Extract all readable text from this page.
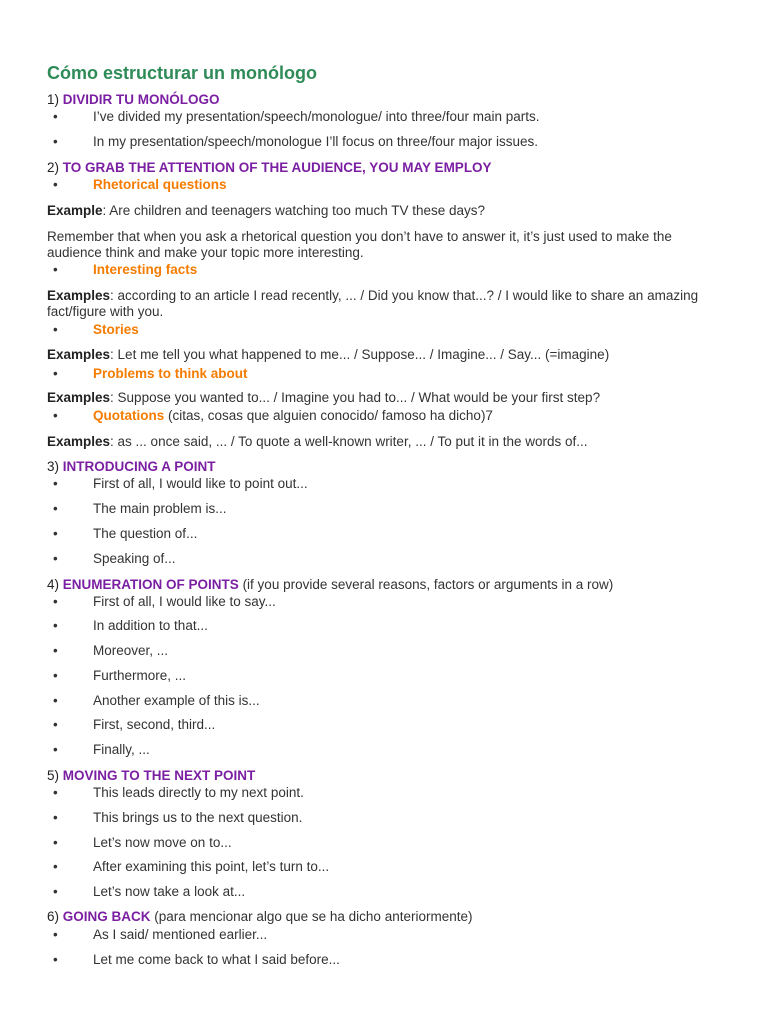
Cómo estructurar un monólogo
1) DIVIDIR TU MONÓLOGO
•	I’ve divided my presentation/speech/monologue/ into three/four main parts.
•	In my presentation/speech/monologue I’ll focus on three/four major issues.
2) TO GRAB THE ATTENTION OF THE AUDIENCE, YOU MAY EMPLOY
•	Rhetorical questions
Example: Are children and teenagers watching too much TV these days?
Remember that when you ask a rhetorical question you don’t have to answer it, it’s just used to make the audience think and make your topic more interesting.
•	Interesting facts
Examples: according to an article I read recently, ... / Did you know that...? / I would like to share an amazing fact/figure with you.
•	Stories
Examples: Let me tell you what happened to me... / Suppose... / Imagine... / Say... (=imagine)
•	Problems to think about
Examples: Suppose you wanted to... / Imagine you had to... / What would be your first step?
•	Quotations (citas, cosas que alguien conocido/ famoso ha dicho)7
Examples: as ... once said, ... / To quote a well-known writer, ... / To put it in the words of...
3) INTRODUCING A POINT
•	First of all, I would like to point out...
•	The main problem is...
•	The question of...
•	Speaking of...
4) ENUMERATION OF POINTS (if you provide several reasons, factors or arguments in a row)
•	First of all, I would like to say...
•	In addition to that...
•	Moreover, ...
•	Furthermore, ...
•	Another example of this is...
•	First, second, third...
•	Finally, ...
5) MOVING TO THE NEXT POINT
•	This leads directly to my next point.
•	This brings us to the next question.
•	Let’s now move on to...
•	After examining this point, let’s turn to...
•	Let’s now take a look at...
6) GOING BACK (para mencionar algo que se ha dicho anteriormente)
•	As I said/ mentioned earlier...
•	Let me come back to what I said before...
